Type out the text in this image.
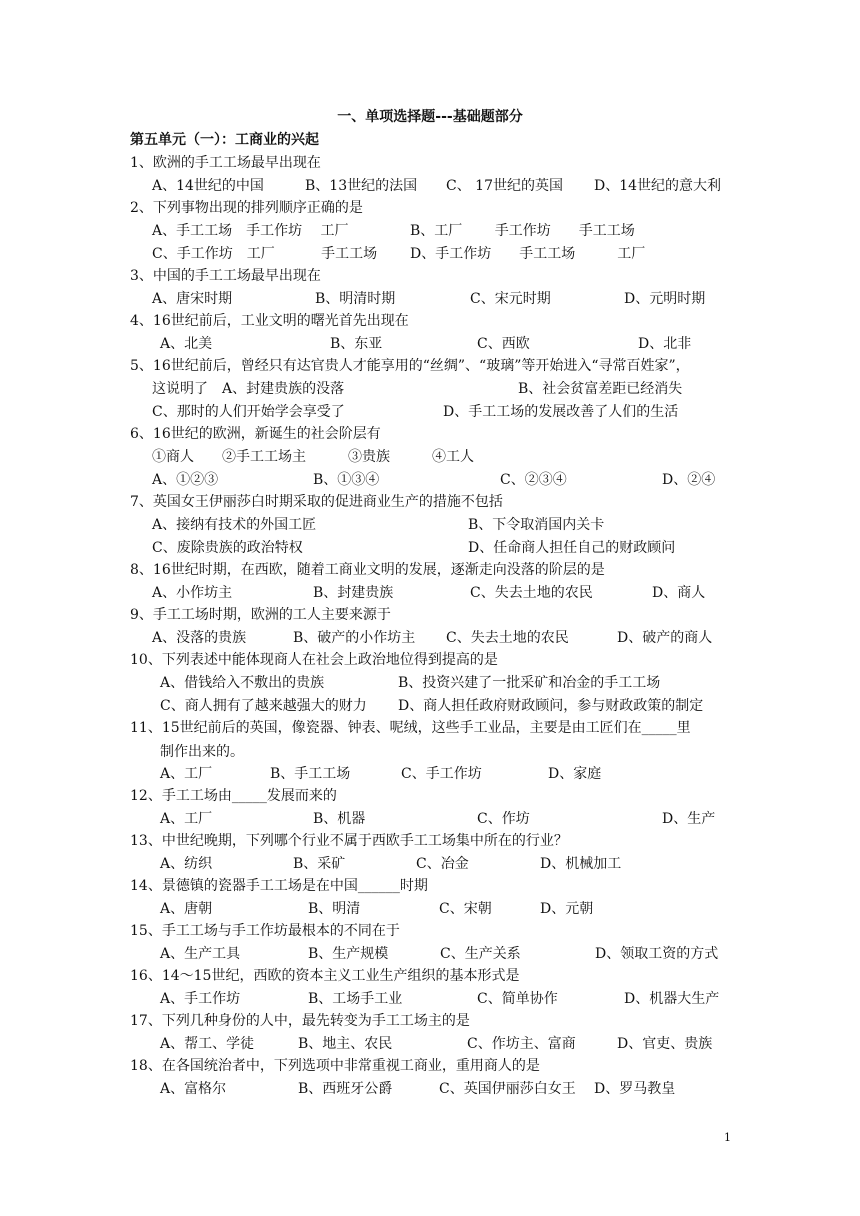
一、单项选择题---基础题部分
第五单元（一）：工商业的兴起
1、欧洲的手工工场最早出现在
A、14世纪的中国	B、13世纪的法国 C、 17世纪的英国 D、14世纪的意大利
2、下列事物出现的排列顺序正确的是
A、手工工场　手工作坊　 工厂	B、工厂　　 手工作坊　　手工工场
C、手工作坊　工厂　　　 手工工场 D、手工作坊　　手工工场　　　工厂
3、中国的手工工场最早出现在
A、唐宋时期	B、明清时期	C、宋元时期	D、元明时期
4、16世纪前后，工业文明的曙光首先出现在
A、北美	B、东亚	C、西欧	D、北非
5、16世纪前后，曾经只有达官贵人才能享用的“丝绸”、“玻璃”等开始进入“寻常百姓家”，
这说明了　A、封建贵族的没落	B、社会贫富差距已经消失
C、那时的人们开始学会享受了	D、手工工场的发展改善了人们的生活
6、16世纪的欧洲，新诞生的社会阶层有
①商人　　②手工工场主　　　③贵族　　　④工人
A、①②③	B、①③④	C、②③④	D、②④
7、英国女王伊丽莎白时期采取的促进商业生产的措施不包括
A、接纳有技术的外国工匠	B、下令取消国内关卡
C、废除贵族的政治特权	D、任命商人担任自己的财政顾问
8、16世纪时期，在西欧，随着工商业文明的发展，逐渐走向没落的阶层的是
A、小作坊主	B、封建贵族	C、失去土地的农民	D、商人
9、手工工场时期，欧洲的工人主要来源于
A、没落的贵族	B、破产的小作坊主 C、失去土地的农民	D、破产的商人
10、下列表述中能体现商人在社会上政治地位得到提高的是
A、借钱给入不敷出的贵族	B、投资兴建了一批采矿和冶金的手工工场
C、商人拥有了越来越强大的财力 D、商人担任政府财政顾问，参与财政政策的制定
11、15世纪前后的英国，像瓷器、钟表、呢绒，这些手工业品，主要是由工匠们在_____里
制作出来的。
A、工厂	B、手工工场	C、手工作坊	D、家庭
12、手工工场由_____发展而来的
A、工厂	B、机器	C、作坊	D、生产
13、中世纪晚期，下列哪个行业不属于西欧手工工场集中所在的行业？
A、纺织	B、采矿	C、冶金	D、机械加工
14、景德镇的瓷器手工工场是在中国______时期
A、唐朝	B、明清	C、宋朝	D、元朝
15、手工工场与手工作坊最根本的不同在于
A、生产工具	B、生产规模	C、生产关系	D、领取工资的方式
16、14～15世纪，西欧的资本主义工业生产组织的基本形式是
A、手工作坊	B、工场手工业	C、简单协作	D、机器大生产
17、下列几种身份的人中，最先转变为手工工场主的是
A、帮工、学徒	B、地主、农民	C、作坊主、富商	D、官吏、贵族
18、在各国统治者中，下列选项中非常重视工商业，重用商人的是
A、富格尔	B、西班牙公爵	C、英国伊丽莎白女王 D、罗马教皇
1
